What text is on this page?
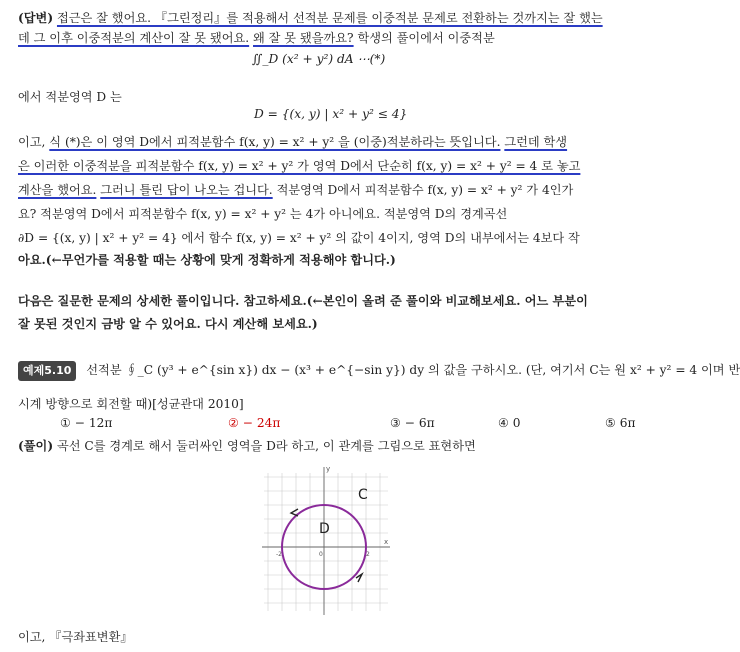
(답변) 접근은 잘 했어요. 『그린정리』를 적용해서 선적분 문제를 이중적분 문제로 전환하는 것까지는 잘 했는
데 그 이후 이중적분의 계산이 잘 못 됐어요. 왜 잘 못 됐을까요? 학생의 풀이에서 이중적분
∬_D (x² + y²) dA ⋯(*)
에서 적분영역 D 는
D = {(x, y) | x² + y² ≤ 4}
이고, 식 (*)은 이 영역 D에서 피적분함수 f(x, y) = x² + y² 을 (이중)적분하라는 뜻입니다. 그런데 학생
은 이러한 이중적분을 피적분함수 f(x, y) = x² + y² 가 영역 D에서 단순히 f(x, y) = x² + y² = 4 로 놓고
계산을 했어요. 그러니 틀린 답이 나오는 겁니다. 적분영역 D에서 피적분함수 f(x, y) = x² + y² 가 4인가
요? 적분영역 D에서 피적분함수 f(x, y) = x² + y² 는 4가 아니에요. 적분영역 D의 경계곡선
∂D = {(x, y) | x² + y² = 4} 에서 함수 f(x, y) = x² + y² 의 값이 4이지, 영역 D의 내부에서는 4보다 작
아요.(←무언가를 적용할 때는 상황에 맞게 정확하게 적용해야 합니다.)
다음은 질문한 문제의 상세한 풀이입니다. 참고하세요.(←본인이 올려 준 풀이와 비교해보세요. 어느 부분이
잘 못된 것인지 금방 알 수 있어요. 다시 계산해 보세요.)
예제5.10 선적분 ∮_C (y³ + e^{sin x}) dx − (x³ + e^{−sin y}) dy 의 값을 구하시오. (단, 여기서 C는 원 x² + y² = 4 이며 반
시계 방향으로 회전할 때)[성균관대 2010]
① − 12π	② − 24π	③ − 6π	④ 0	⑤ 6π
(풀이) 곡선 C를 경계로 해서 둘러싸인 영역을 D라 하고, 이 관계를 그림으로 표현하면
y
x
C
D
0
-2	2
이고, 『극좌표변환』
